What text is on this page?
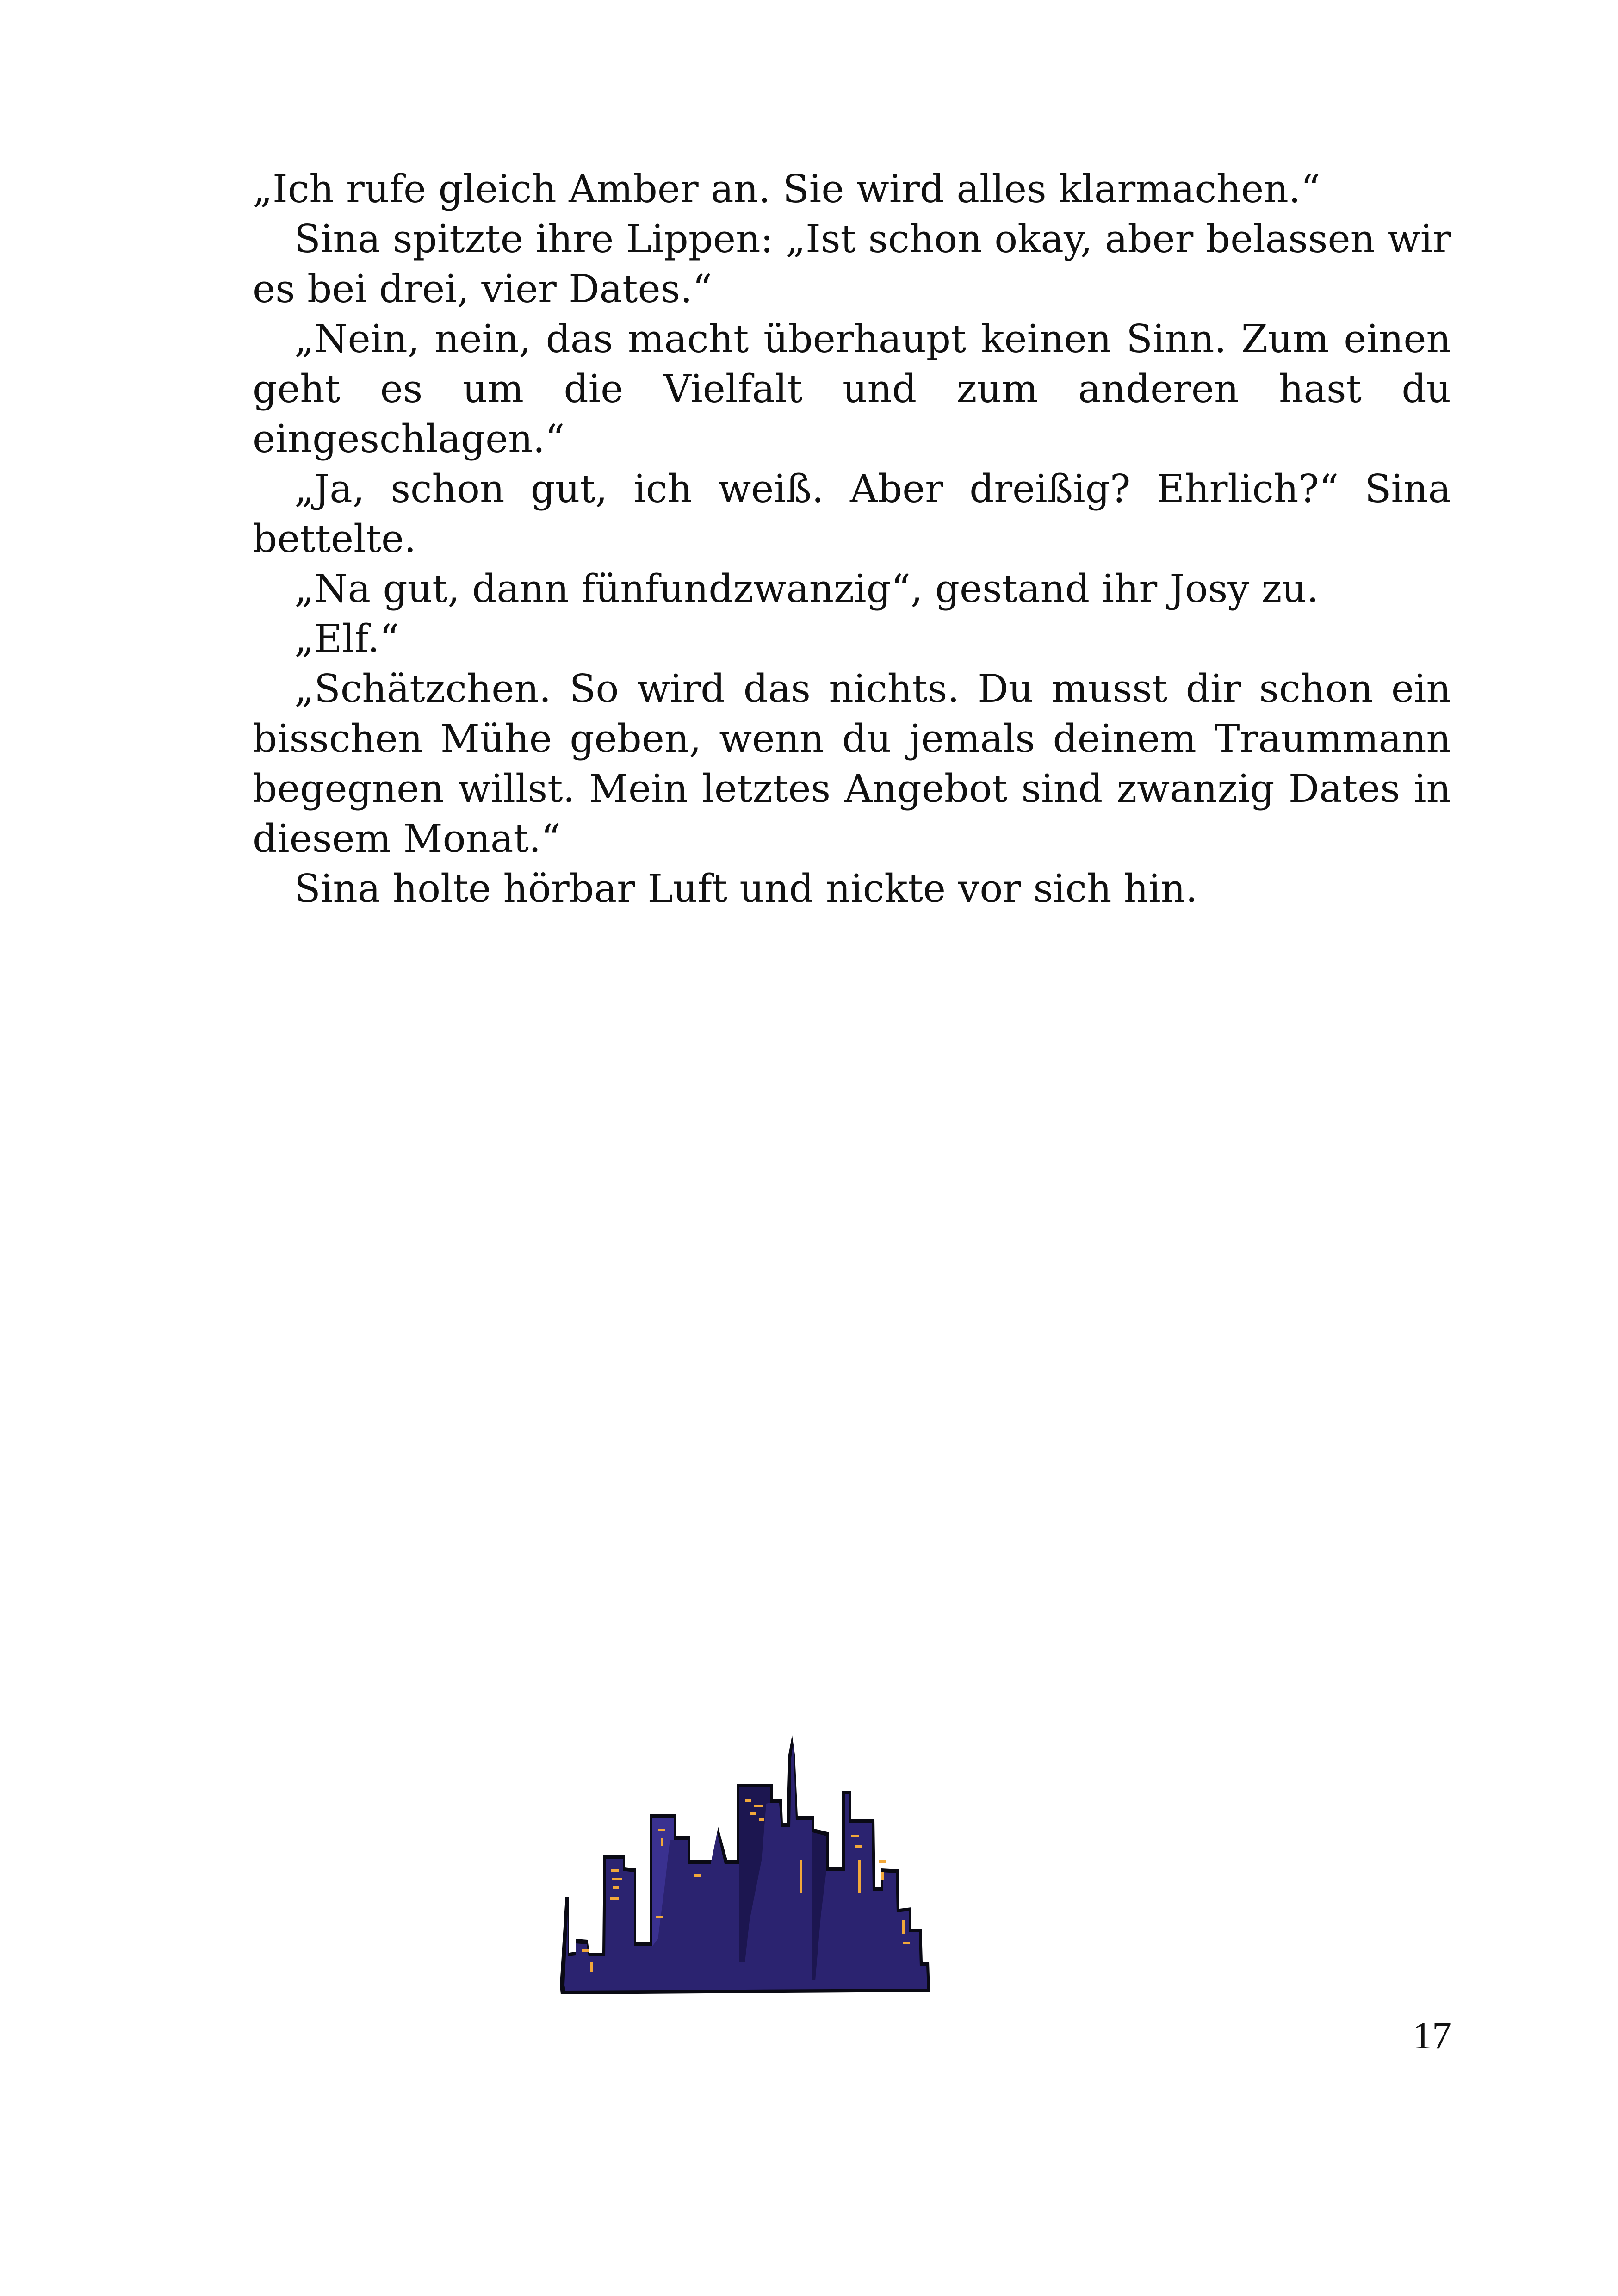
„Ich rufe gleich Amber an. Sie wird alles klarmachen.“

Sina spitzte ihre Lippen: „Ist schon okay, aber belassen wir es bei drei, vier Dates.“

„Nein, nein, das macht überhaupt keinen Sinn. Zum einen geht es um die Vielfalt und zum anderen hast du eingeschlagen.“

„Ja, schon gut, ich weiß. Aber dreißig? Ehrlich?“ Sina bettelte.

„Na gut, dann fünfundzwanzig“, gestand ihr Josy zu.

„Elf.“

„Schätzchen. So wird das nichts. Du musst dir schon ein bisschen Mühe geben, wenn du jemals deinem Traummann begegnen willst. Mein letztes Angebot sind zwanzig Dates in diesem Monat.“

Sina holte hörbar Luft und nickte vor sich hin.

17
